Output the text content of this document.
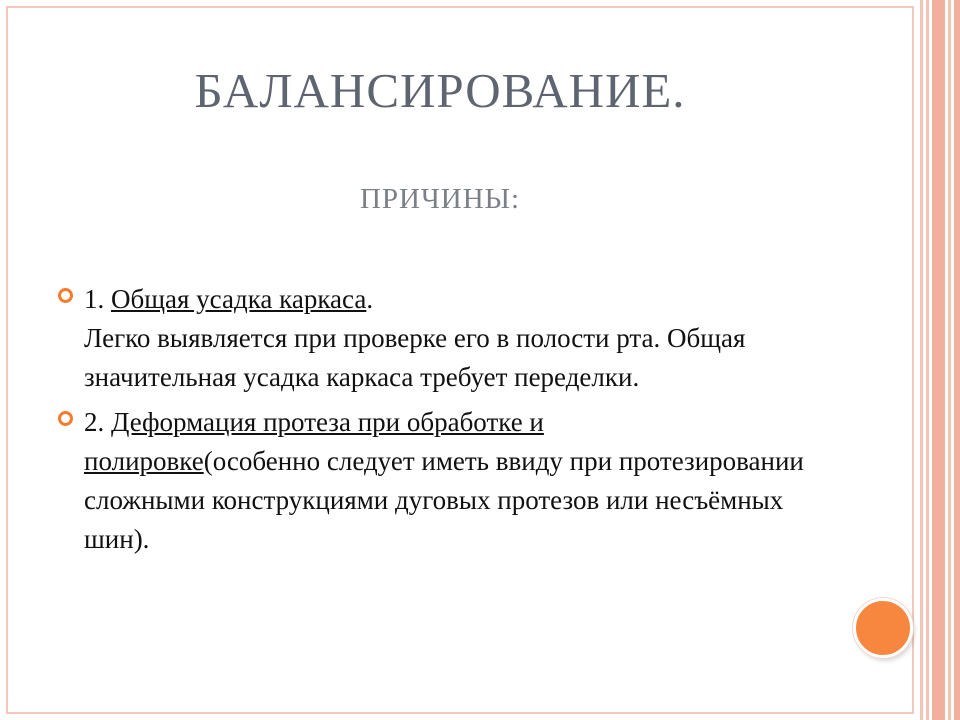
БАЛАНСИРОВАНИЕ.
ПРИЧИНЫ:
1. Общая усадка каркаса.
Легко выявляется при проверке его в полости рта. Общая значительная усадка каркаса требует переделки.
2. Деформация протеза при обработке и
полировке(особенно следует иметь ввиду при протезировании сложными конструкциями дуговых протезов или несъёмных шин).
